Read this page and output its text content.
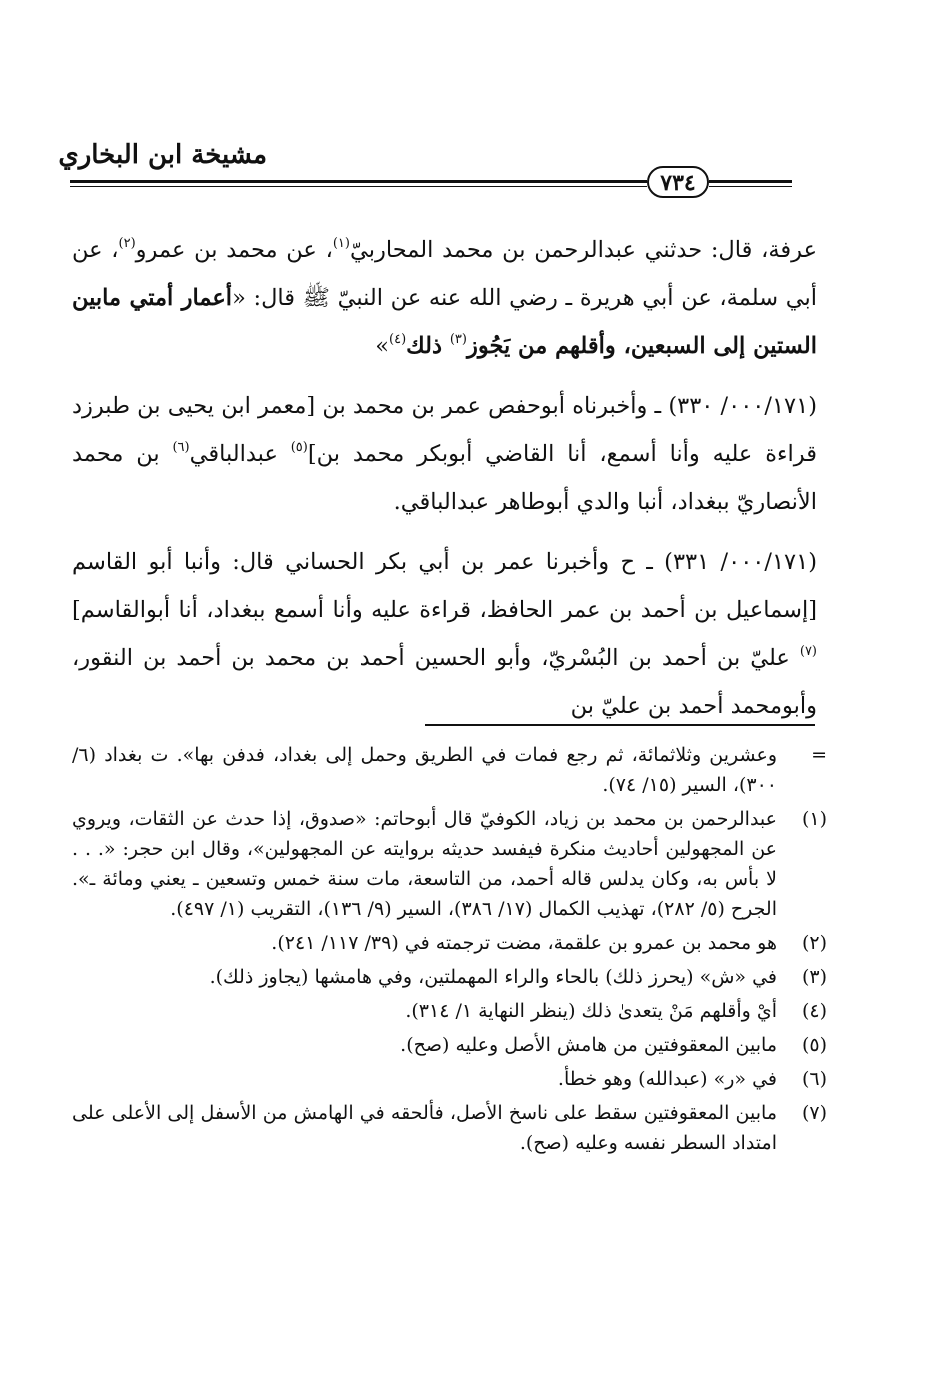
مشيخة ابن البخاري
٧٣٤

عرفة، قال: حدثني عبدالرحمن بن محمد المحاربيّ$^{(١)}$، عن محمد بن عمرو$^{(٢)}$، عن أبي سلمة، عن أبي هريرة ـ رضي الله عنه عن النبيّ ﷺ قال: «أعمار أمتي مابين الستين إلى السبعين، وأقلهم من يَجُوز$^{(٣)}$ ذلك$^{(٤)}$»

(٠٠٠/١٧١/ ٣٣٠) ـ وأخبرناه أبوحفص عمر بن محمد بن [معمر ابن يحيى بن طبرزد قراءة عليه وأنا أسمع، أنا القاضي أبوبكر محمد بن]$^{(٥)}$ عبدالباقي$^{(٦)}$ بن محمد الأنصاريّ ببغداد، أنبا والدي أبوطاهر عبدالباقي.

(٠٠٠/١٧١/ ٣٣١) ـ ح وأخبرنا عمر بن أبي بكر الحساني قال: وأنبا أبو القاسم [إسماعيل بن أحمد بن عمر الحافظ، قراءة عليه وأنا أسمع ببغداد، أنا أبوالقاسم]$^{(٧)}$ عليّ بن أحمد بن البُسْريّ، وأبو الحسين أحمد بن محمد بن أحمد بن النقور، وأبومحمد أحمد بن عليّ بن

=
وعشرين وثلاثمائة، ثم رجع فمات في الطريق وحمل إلى بغداد، فدفن بها». ت بغداد (٦/ ٣٠٠)، السير (١٥/ ٧٤).
(١)
عبدالرحمن بن محمد بن زياد، الكوفيّ قال أبوحاتم: «صدوق، إذا حدث عن الثقات، ويروي عن المجهولين أحاديث منكرة فيفسد حديثه بروايته عن المجهولين»، وقال ابن حجر: «. . . لا بأس به، وكان يدلس قاله أحمد، من التاسعة، مات سنة خمس وتسعين ـ يعني ومائة ـ». الجرح (٥/ ٢٨٢)، تهذيب الكمال (١٧/ ٣٨٦)، السير (٩/ ١٣٦)، التقريب (١/ ٤٩٧).
(٢)
هو محمد بن عمرو بن علقمة، مضت ترجمته في (٣٩/ ١١٧/ ٢٤١).
(٣)
في «ش» (يحرز ذلك) بالحاء والراء المهملتين، وفي هامشها (يجاوز ذلك).
(٤)
أيْ وأقلهم مَنْ يتعدىٰ ذلك (ينظر النهاية ١/ ٣١٤).
(٥)
مابين المعقوفتين من هامش الأصل وعليه (صح).
(٦)
في «ر» (عبدالله) وهو خطأ.
(٧)
مابين المعقوفتين سقط على ناسخ الأصل، فألحقه في الهامش من الأسفل إلى الأعلى على امتداد السطر نفسه وعليه (صح).
